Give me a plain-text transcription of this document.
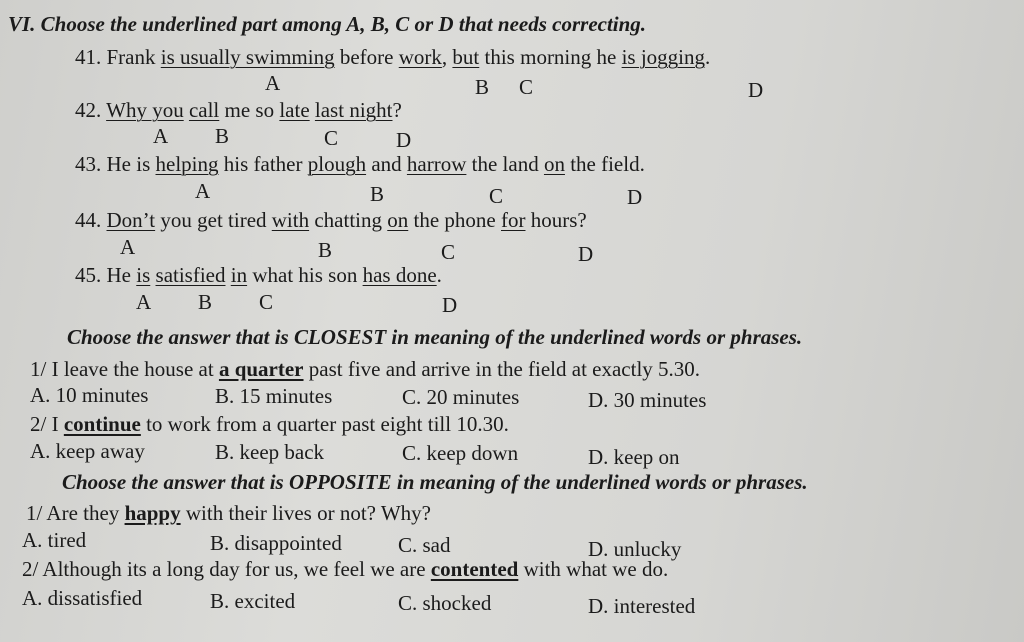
VI. Choose the underlined part among A, B, C or D that needs correcting.
41. Frank is usually swimming before work, but this morning he is jogging.
A	B C	D
42. Why you call me so late last night?
A B	C	D
43. He is helping his father plough and harrow the land on the field.
A	B	C	D
44. Don’t you get tired with chatting on the phone for hours?
A	B	C	D
45. He is satisfied in what his son has done.
A B C	D
Choose the answer that is CLOSEST in meaning of the underlined words or phrases.
1/ I leave the house at a quarter past five and arrive in the field at exactly 5.30.
A. 10 minutes	B. 15 minutes	C. 20 minutes	D. 30 minutes
2/ I continue to work from a quarter past eight till 10.30.
A. keep away	B. keep back	C. keep down	D. keep on
Choose the answer that is OPPOSITE in meaning of the underlined words or phrases.
1/ Are they happy with their lives or not? Why?
A. tired	B. disappointed	C. sad	D. unlucky
2/ Although its a long day for us, we feel we are contented with what we do.
A. dissatisfied	B. excited	C. shocked	D. interested
